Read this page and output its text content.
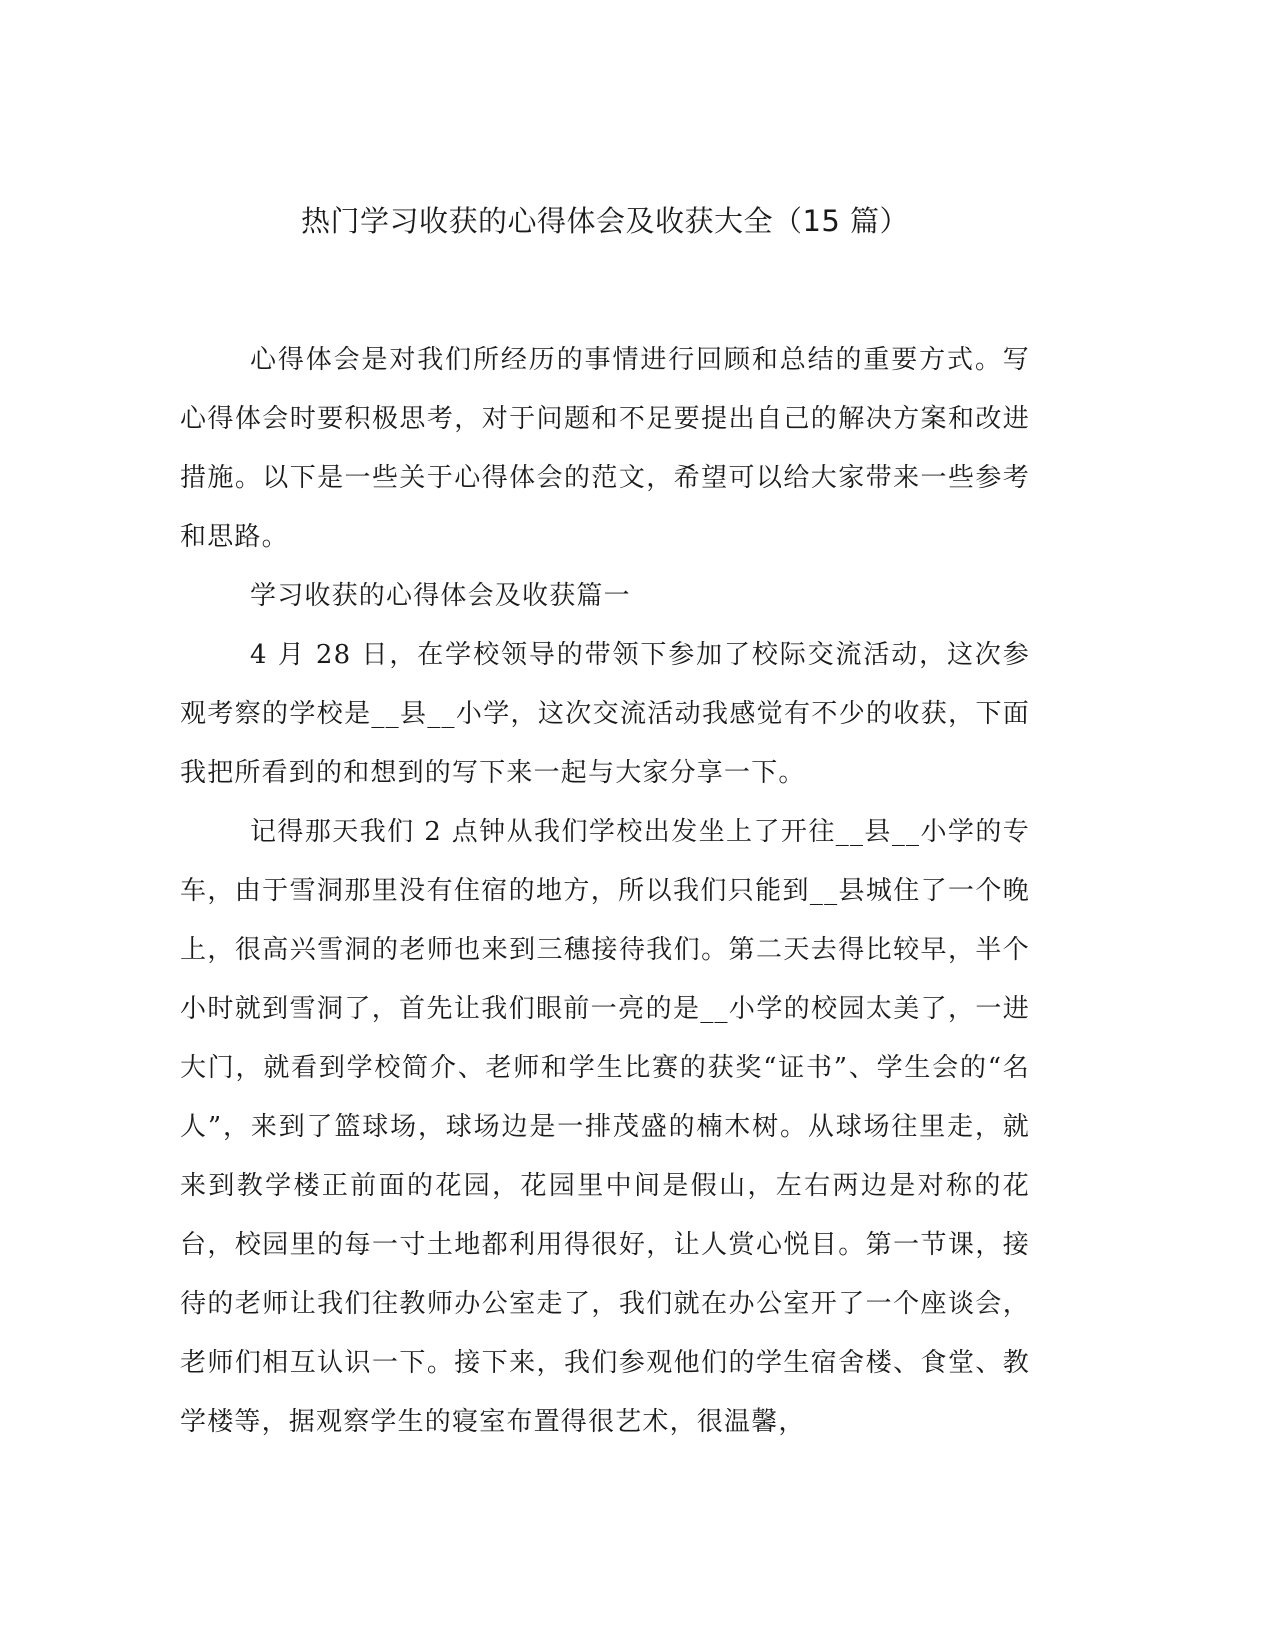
热门学习收获的心得体会及收获大全（15 篇）

心得体会是对我们所经历的事情进行回顾和总结的重要方式。写心得体会时要积极思考，对于问题和不足要提出自己的解决方案和改进措施。以下是一些关于心得体会的范文，希望可以给大家带来一些参考和思路。

学习收获的心得体会及收获篇一

4 月 28 日，在学校领导的带领下参加了校际交流活动，这次参观考察的学校是__县__小学，这次交流活动我感觉有不少的收获，下面我把所看到的和想到的写下来一起与大家分享一下。

记得那天我们 2 点钟从我们学校出发坐上了开往__县__小学的专车，由于雪洞那里没有住宿的地方，所以我们只能到__县城住了一个晚上，很高兴雪洞的老师也来到三穗接待我们。第二天去得比较早，半个小时就到雪洞了，首先让我们眼前一亮的是__小学的校园太美了，一进大门，就看到学校简介、老师和学生比赛的获奖“证书”、学生会的“名人”，来到了篮球场，球场边是一排茂盛的楠木树。从球场往里走，就来到教学楼正前面的花园，花园里中间是假山，左右两边是对称的花台，校园里的每一寸土地都利用得很好，让人赏心悦目。第一节课，接待的老师让我们往教师办公室走了，我们就在办公室开了一个座谈会，老师们相互认识一下。接下来，我们参观他们的学生宿舍楼、食堂、教学楼等，据观察学生的寝室布置得很艺术，很温馨，
